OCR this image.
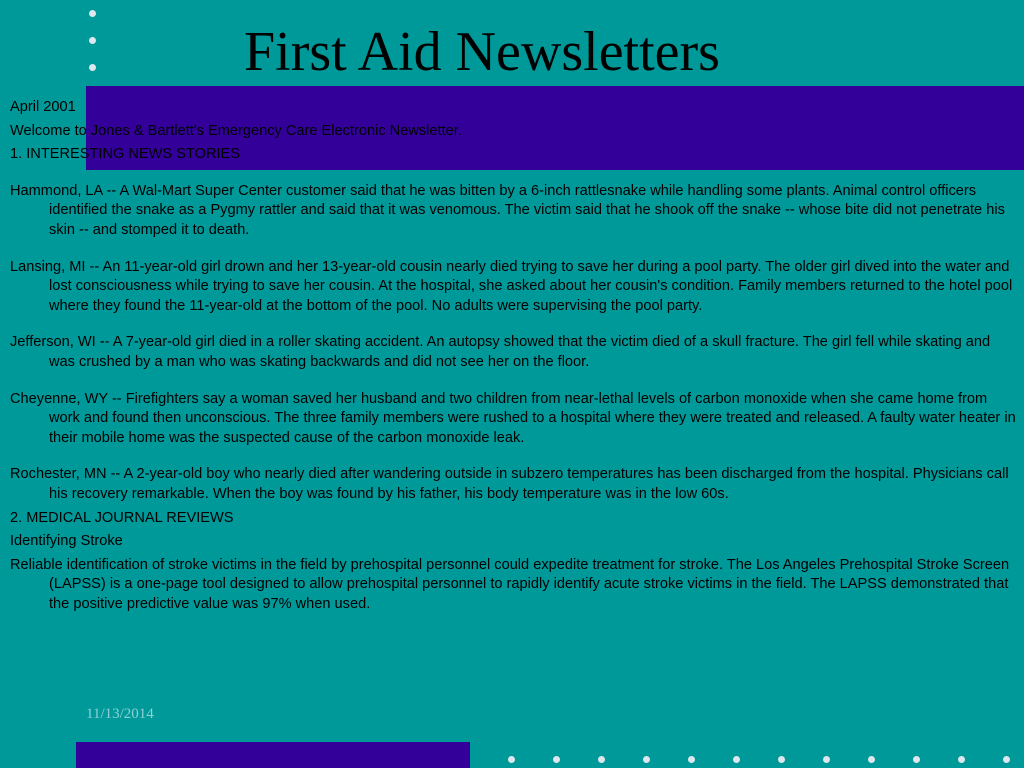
First Aid Newsletters

April 2001

Welcome to Jones & Bartlett's Emergency Care Electronic Newsletter.

1. INTERESTING NEWS STORIES

Hammond, LA -- A Wal-Mart Super Center customer said that he was bitten by a 6-inch rattlesnake while handling some plants. Animal control officers identified the snake as a Pygmy rattler and said that it was venomous. The victim said that he shook off the snake -- whose bite did not penetrate his skin -- and stomped it to death.

Lansing, MI -- An 11-year-old girl drown and her 13-year-old cousin nearly died trying to save her during a pool party. The older girl dived into the water and lost consciousness while trying to save her cousin. At the hospital, she asked about her cousin's condition. Family members returned to the hotel pool where they found the 11-year-old at the bottom of the pool. No adults were supervising the pool party.

Jefferson, WI -- A 7-year-old girl died in a roller skating accident. An autopsy showed that the victim died of a skull fracture. The girl fell while skating and was crushed by a man who was skating backwards and did not see her on the floor.

Cheyenne, WY -- Firefighters say a woman saved her husband and two children from near-lethal levels of carbon monoxide when she came home from work and found then unconscious. The three family members were rushed to a hospital where they were treated and released. A faulty water heater in their mobile home was the suspected cause of the carbon monoxide leak.

Rochester, MN -- A 2-year-old boy who nearly died after wandering outside in subzero temperatures has been discharged from the hospital. Physicians call his recovery remarkable. When the boy was found by his father, his body temperature was in the low 60s.

2. MEDICAL JOURNAL REVIEWS

Identifying Stroke

Reliable identification of stroke victims in the field by prehospital personnel could expedite treatment for stroke. The Los Angeles Prehospital Stroke Screen (LAPSS) is a one-page tool designed to allow prehospital personnel to rapidly identify acute stroke victims in the field. The LAPSS demonstrated that the positive predictive value was 97% when used.

11/13/2014
